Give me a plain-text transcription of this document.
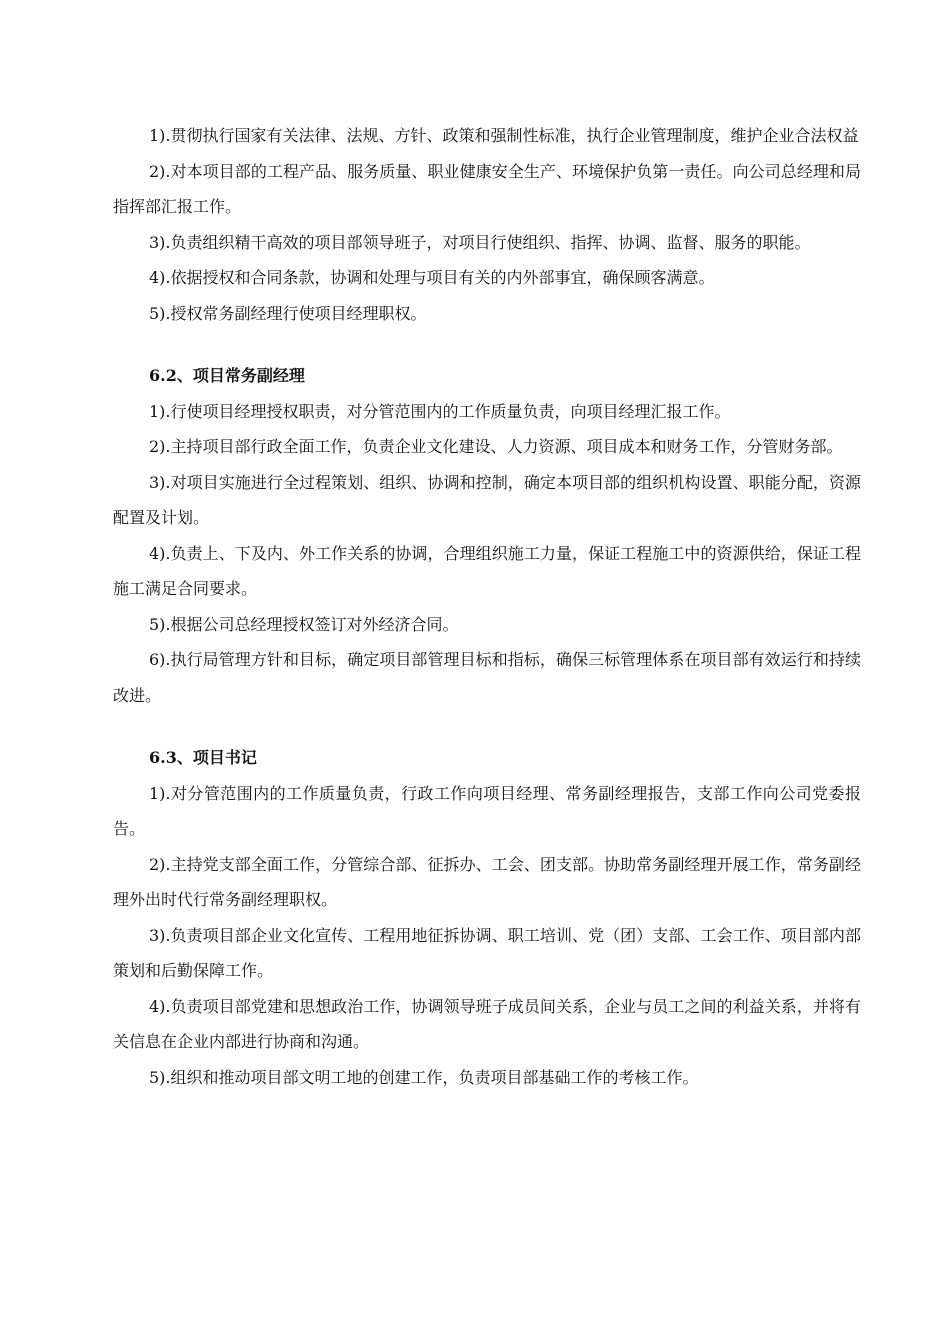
1).贯彻执行国家有关法律、法规、方针、政策和强制性标准，执行企业管理制度，维护企业合法权益

2).对本项目部的工程产品、服务质量、职业健康安全生产、环境保护负第一责任。向公司总经理和局指挥部汇报工作。

3).负责组织精干高效的项目部领导班子，对项目行使组织、指挥、协调、监督、服务的职能。

4).依据授权和合同条款，协调和处理与项目有关的内外部事宜，确保顾客满意。

5).授权常务副经理行使项目经理职权。

6.2、项目常务副经理

1).行使项目经理授权职责，对分管范围内的工作质量负责，向项目经理汇报工作。

2).主持项目部行政全面工作，负责企业文化建设、人力资源、项目成本和财务工作，分管财务部。

3).对项目实施进行全过程策划、组织、协调和控制，确定本项目部的组织机构设置、职能分配，资源配置及计划。

4).负责上、下及内、外工作关系的协调，合理组织施工力量，保证工程施工中的资源供给，保证工程施工满足合同要求。

5).根据公司总经理授权签订对外经济合同。

6).执行局管理方针和目标，确定项目部管理目标和指标，确保三标管理体系在项目部有效运行和持续改进。

6.3、项目书记

1).对分管范围内的工作质量负责，行政工作向项目经理、常务副经理报告，支部工作向公司党委报告。

2).主持党支部全面工作，分管综合部、征拆办、工会、团支部。协助常务副经理开展工作，常务副经理外出时代行常务副经理职权。

3).负责项目部企业文化宣传、工程用地征拆协调、职工培训、党（团）支部、工会工作、项目部内部策划和后勤保障工作。

4).负责项目部党建和思想政治工作，协调领导班子成员间关系，企业与员工之间的利益关系，并将有关信息在企业内部进行协商和沟通。

5).组织和推动项目部文明工地的创建工作，负责项目部基础工作的考核工作。
